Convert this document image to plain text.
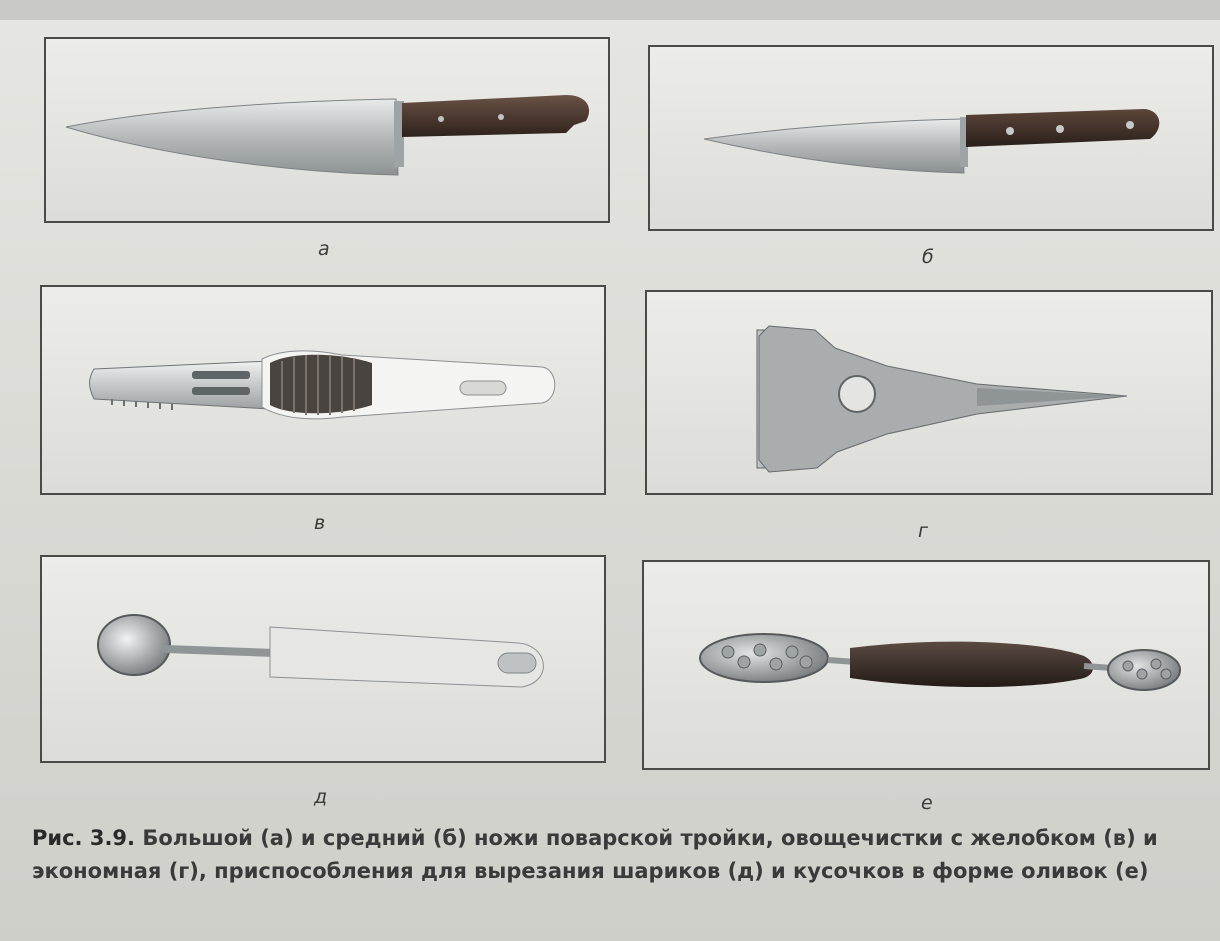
а	б
в	г
д	е
Рис. 3.9. Большой (а) и средний (б) ножи поварской тройки, овощечистки с желобком (в) и
экономная (г), приспособления для вырезания шариков (д) и кусочков в форме оливок (е)
